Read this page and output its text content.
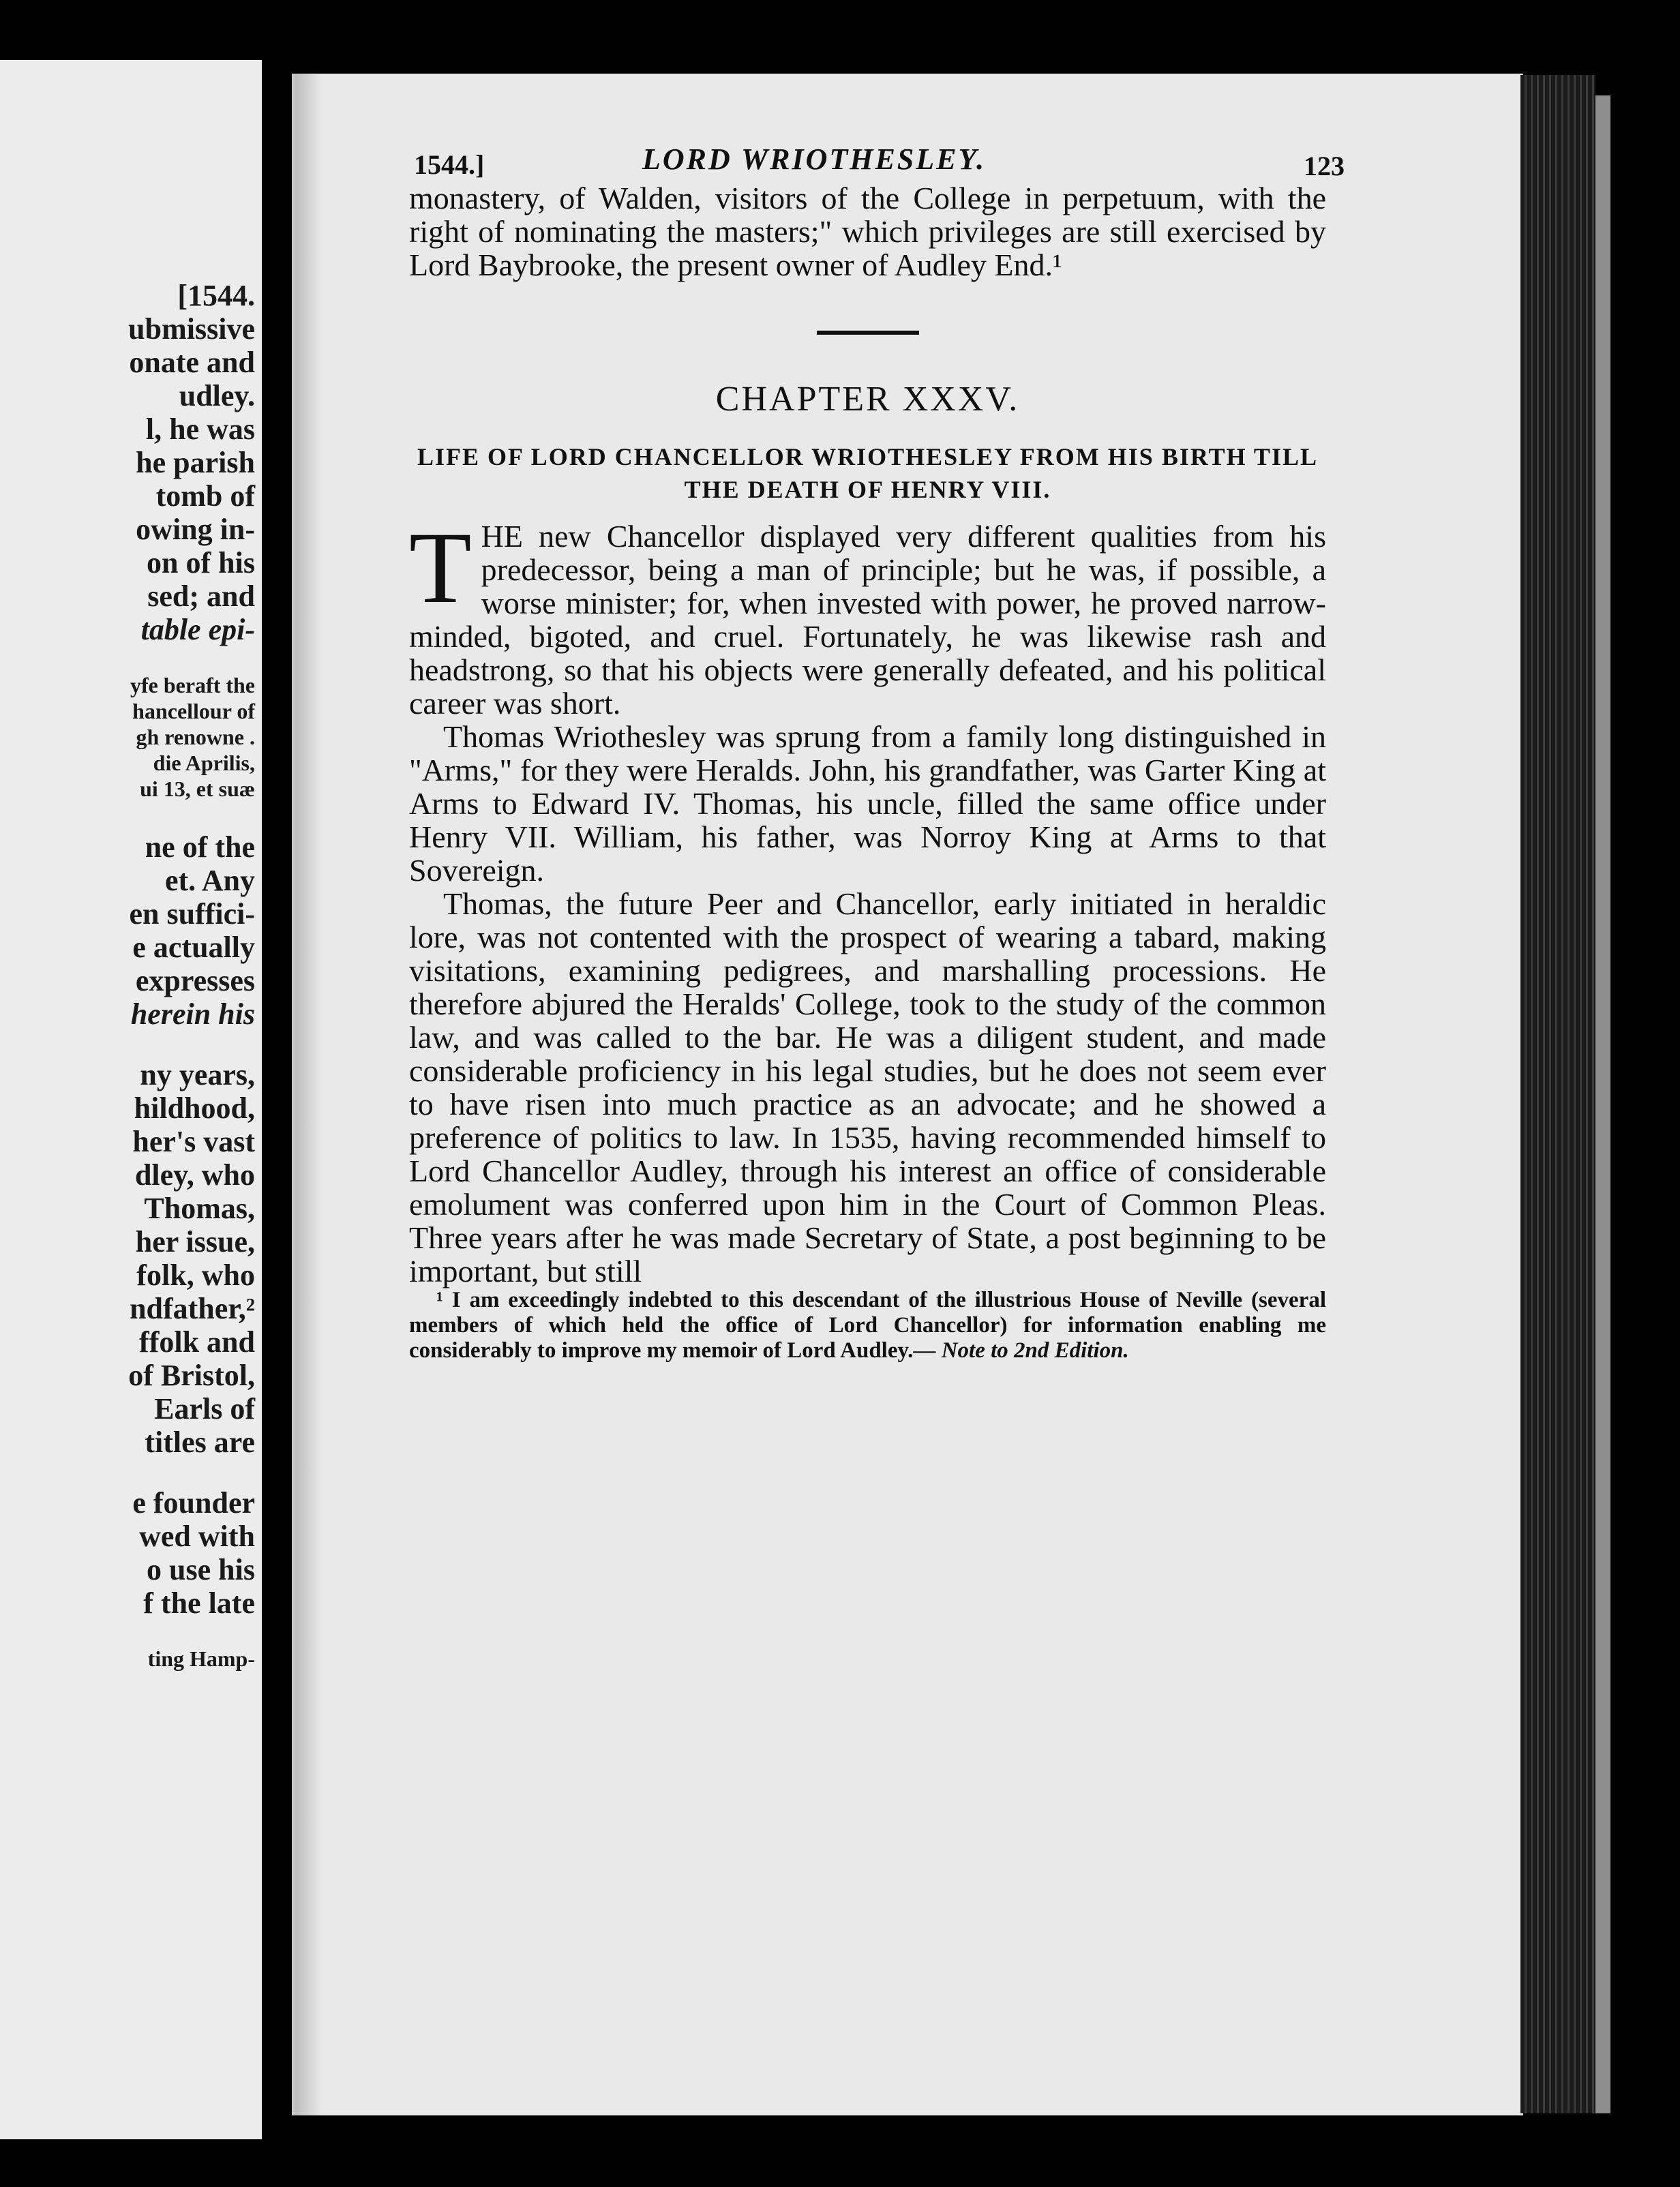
[1544.
ubmissive
onate and
udley.
l, he was
he parish
tomb of
owing in-
on of his
sed; and
table epi-
yfe beraft the
hancellour of
gh renowne .
die Aprilis,
ui 13, et suæ
ne of the
et. Any
en suffici-
e actually
expresses
herein his
ny years,
hildhood,
her's vast
dley, who
Thomas,
her issue,
folk, who
ndfather,²
ffolk and
of Bristol,
Earls of
titles are
e founder
wed with
o use his
f the late
ting Hamp-
1544.]	LORD WRIOTHESLEY.	123

monastery, of Walden, visitors of the College in perpetuum, with the right of nominating the masters;" which privileges are still exercised by Lord Baybrooke, the present owner of Audley End.¹

CHAPTER XXXV.
LIFE OF LORD CHANCELLOR WRIOTHESLEY FROM HIS BIRTH TILL THE DEATH OF HENRY VIII.

THE new Chancellor displayed very different qualities from his predecessor, being a man of principle; but he was, if possible, a worse minister; for, when invested with power, he proved narrow-minded, bigoted, and cruel. Fortunately, he was likewise rash and headstrong, so that his objects were generally defeated, and his political career was short.

Thomas Wriothesley was sprung from a family long distinguished in "Arms," for they were Heralds. John, his grandfather, was Garter King at Arms to Edward IV. Thomas, his uncle, filled the same office under Henry VII. William, his father, was Norroy King at Arms to that Sovereign.

Thomas, the future Peer and Chancellor, early initiated in heraldic lore, was not contented with the prospect of wearing a tabard, making visitations, examining pedigrees, and marshalling processions. He therefore abjured the Heralds' College, took to the study of the common law, and was called to the bar. He was a diligent student, and made considerable proficiency in his legal studies, but he does not seem ever to have risen into much practice as an advocate; and he showed a preference of politics to law. In 1535, having recommended himself to Lord Chancellor Audley, through his interest an office of considerable emolument was conferred upon him in the Court of Common Pleas. Three years after he was made Secretary of State, a post beginning to be important, but still

¹ I am exceedingly indebted to this descendant of the illustrious House of Neville (several members of which held the office of Lord Chancellor) for information enabling me considerably to improve my memoir of Lord Audley.— Note to 2nd Edition.
